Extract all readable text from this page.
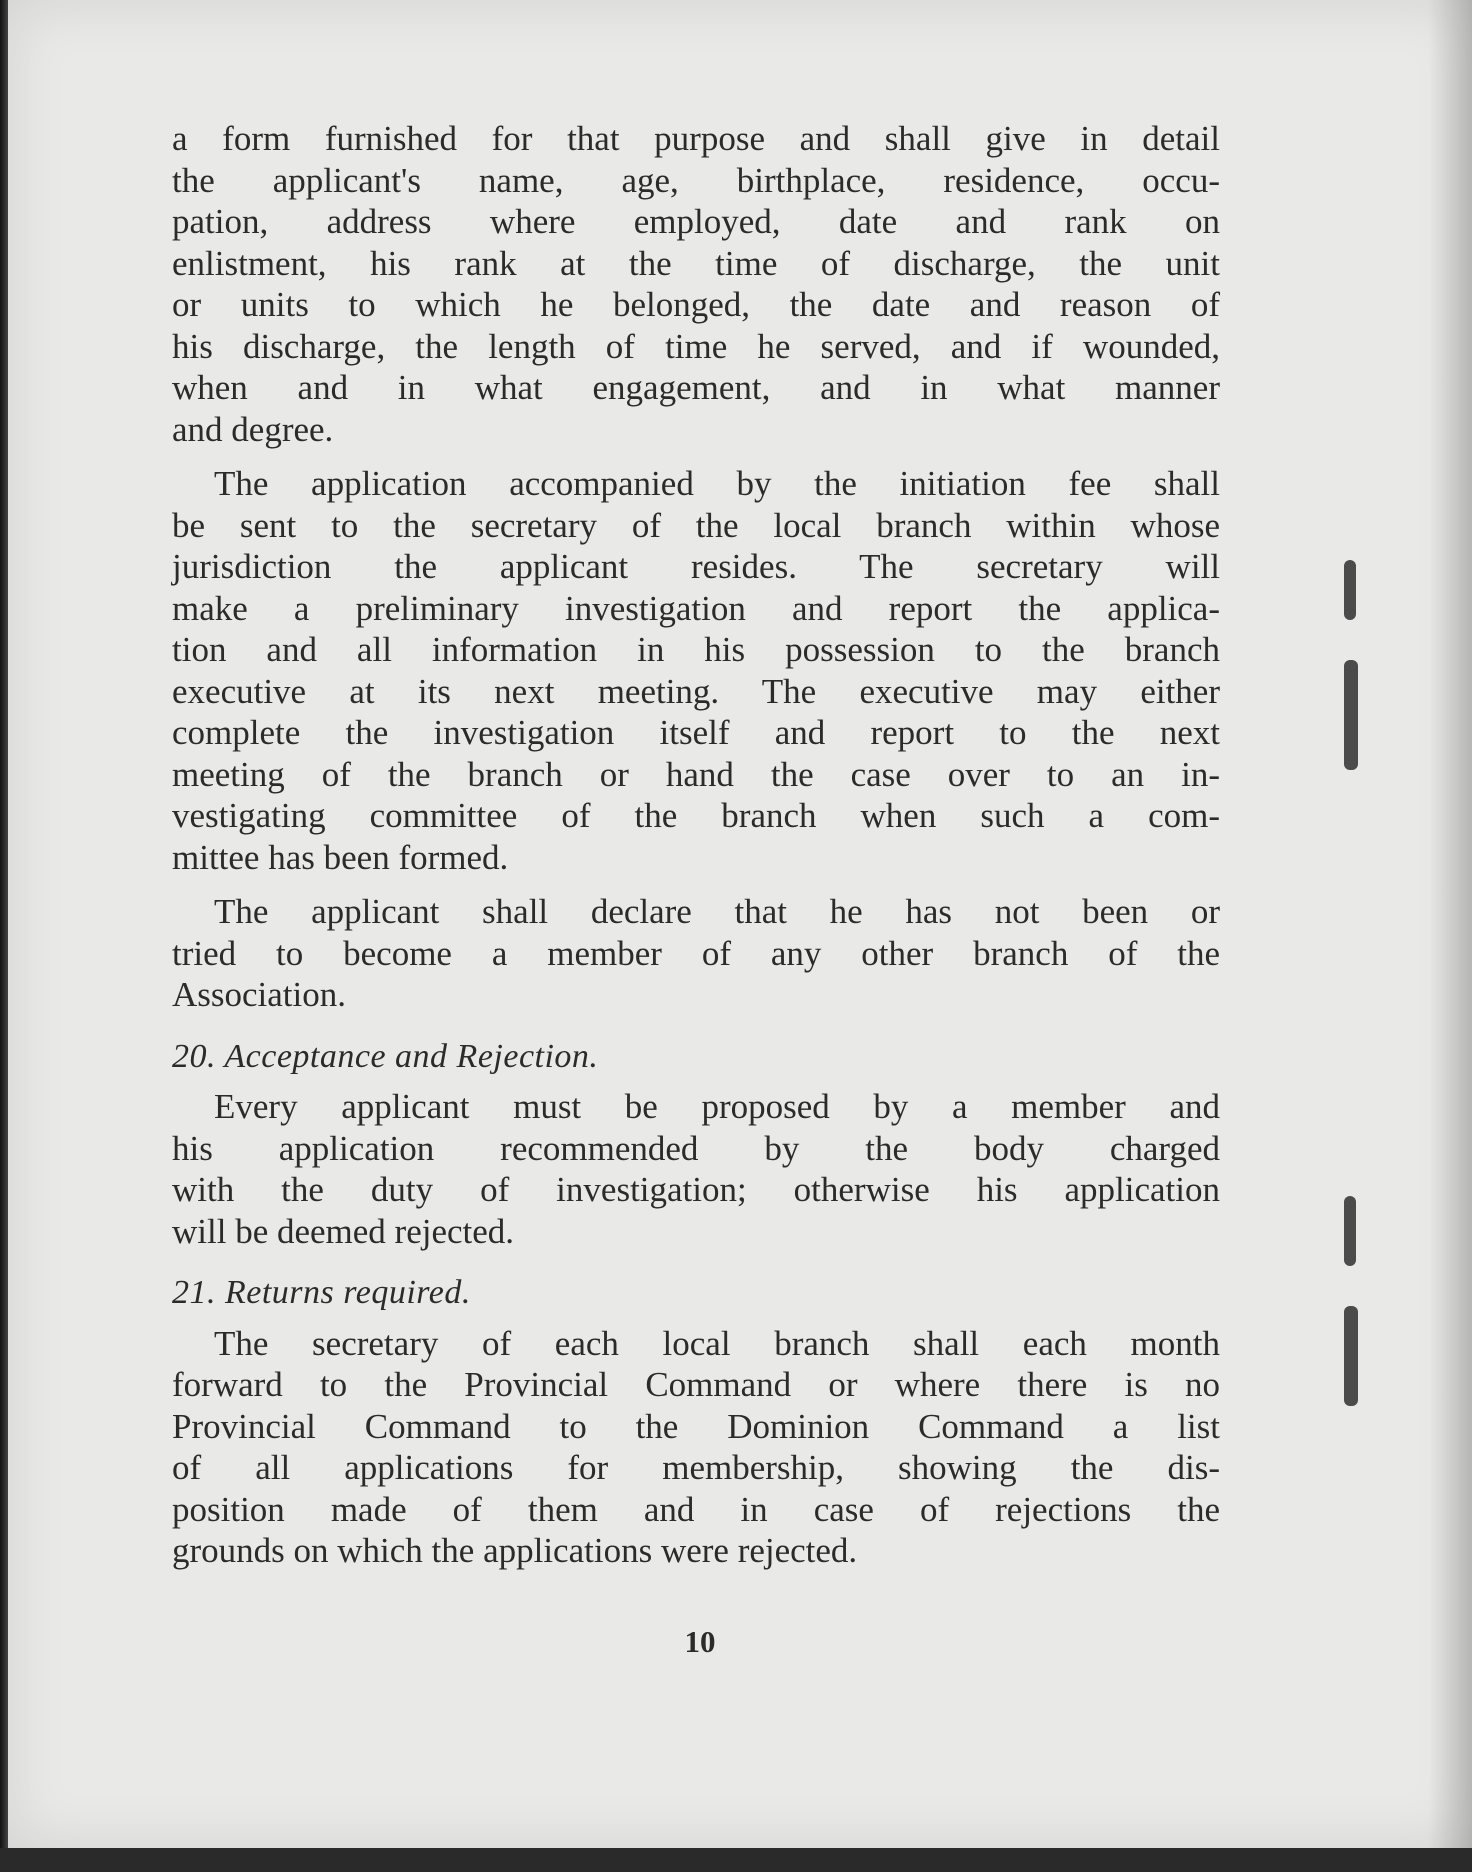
a form furnished for that purpose and shall give in detail
the applicant's name, age, birthplace, residence, occu-
pation, address where employed, date and rank on
enlistment, his rank at the time of discharge, the unit
or units to which he belonged, the date and reason of
his discharge, the length of time he served, and if wounded,
when and in what engagement, and in what manner
and degree.
The application accompanied by the initiation fee shall
be sent to the secretary of the local branch within whose
jurisdiction the applicant resides. The secretary will
make a preliminary investigation and report the applica-
tion and all information in his possession to the branch
executive at its next meeting. The executive may either
complete the investigation itself and report to the next
meeting of the branch or hand the case over to an in-
vestigating committee of the branch when such a com-
mittee has been formed.
The applicant shall declare that he has not been or
tried to become a member of any other branch of the
Association.
20. Acceptance and Rejection.
Every applicant must be proposed by a member and
his application recommended by the body charged
with the duty of investigation; otherwise his application
will be deemed rejected.
21. Returns required.
The secretary of each local branch shall each month
forward to the Provincial Command or where there is no
Provincial Command to the Dominion Command a list
of all applications for membership, showing the dis-
position made of them and in case of rejections the
grounds on which the applications were rejected.
10
